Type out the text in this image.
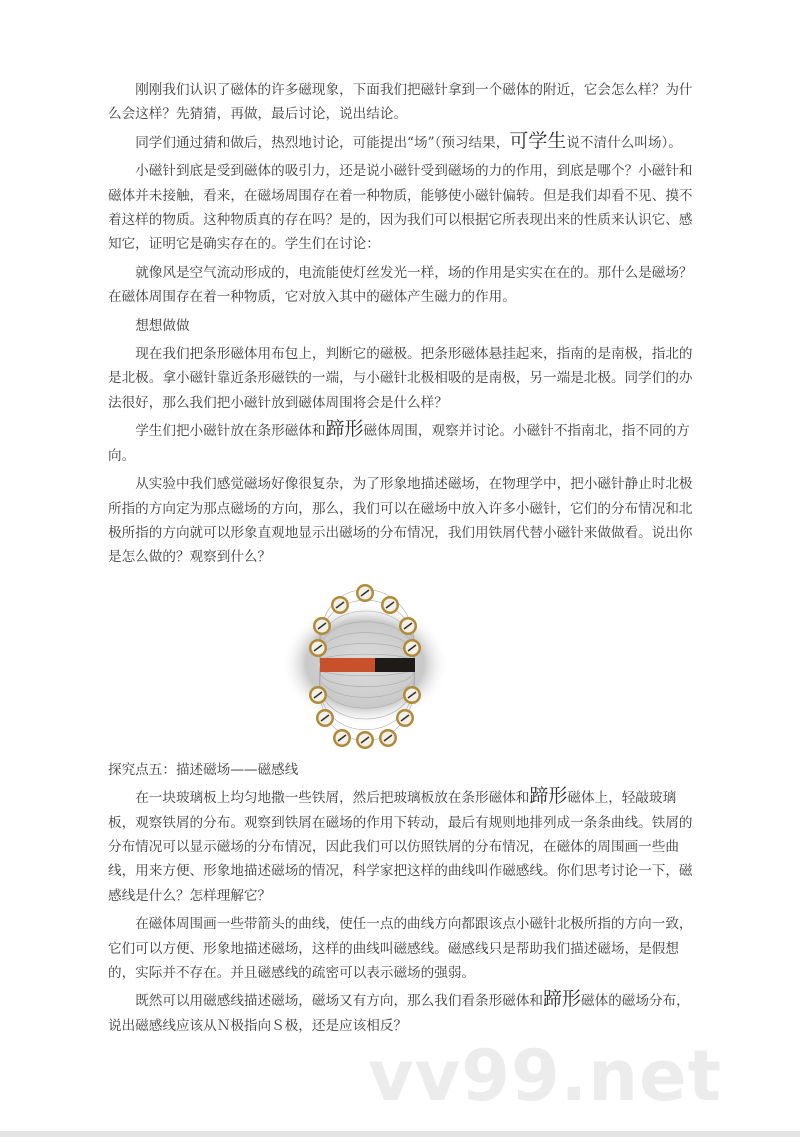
刚刚我们认识了磁体的许多磁现象，下面我们把磁针拿到一个磁体的附近，它会怎么样？为什么会这样？先猜猜，再做，最后讨论，说出结论。

同学们通过猜和做后，热烈地讨论，可能提出“场”（预习结果，可学生说不清什么叫场）。

小磁针到底是受到磁体的吸引力，还是说小磁针受到磁场的力的作用，到底是哪个？小磁针和磁体并未接触，看来，在磁场周围存在着一种物质，能够使小磁针偏转。但是我们却看不见、摸不着这样的物质。这种物质真的存在吗？是的，因为我们可以根据它所表现出来的性质来认识它、感知它，证明它是确实存在的。学生们在讨论：

就像风是空气流动形成的，电流能使灯丝发光一样，场的作用是实实在在的。那什么是磁场？在磁体周围存在着一种物质，它对放入其中的磁体产生磁力的作用。

想想做做

现在我们把条形磁体用布包上，判断它的磁极。把条形磁体悬挂起来，指南的是南极，指北的是北极。拿小磁针靠近条形磁铁的一端，与小磁针北极相吸的是南极，另一端是北极。同学们的办法很好，那么我们把小磁针放到磁体周围将会是什么样？

学生们把小磁针放在条形磁体和蹄形磁体周围，观察并讨论。小磁针不指南北，指不同的方向。

从实验中我们感觉磁场好像很复杂，为了形象地描述磁场，在物理学中，把小磁针静止时北极所指的方向定为那点磁场的方向，那么，我们可以在磁场中放入许多小磁针，它们的分布情况和北极所指的方向就可以形象直观地显示出磁场的分布情况，我们用铁屑代替小磁针来做做看。说出你是怎么做的？观察到什么？

探究点五：描述磁场——磁感线

在一块玻璃板上均匀地撒一些铁屑，然后把玻璃板放在条形磁体和蹄形磁体上，轻敲玻璃板，观察铁屑的分布。观察到铁屑在磁场的作用下转动，最后有规则地排列成一条条曲线。铁屑的分布情况可以显示磁场的分布情况，因此我们可以仿照铁屑的分布情况，在磁体的周围画一些曲线，用来方便、形象地描述磁场的情况，科学家把这样的曲线叫作磁感线。你们思考讨论一下，磁感线是什么？怎样理解它？

在磁体周围画一些带箭头的曲线，使任一点的曲线方向都跟该点小磁针北极所指的方向一致，它们可以方便、形象地描述磁场，这样的曲线叫磁感线。磁感线只是帮助我们描述磁场，是假想的，实际并不存在。并且磁感线的疏密可以表示磁场的强弱。

既然可以用磁感线描述磁场，磁场又有方向，那么我们看条形磁体和蹄形磁体的磁场分布，说出磁感线应该从Ｎ极指向Ｓ极，还是应该相反？

vv99.net
